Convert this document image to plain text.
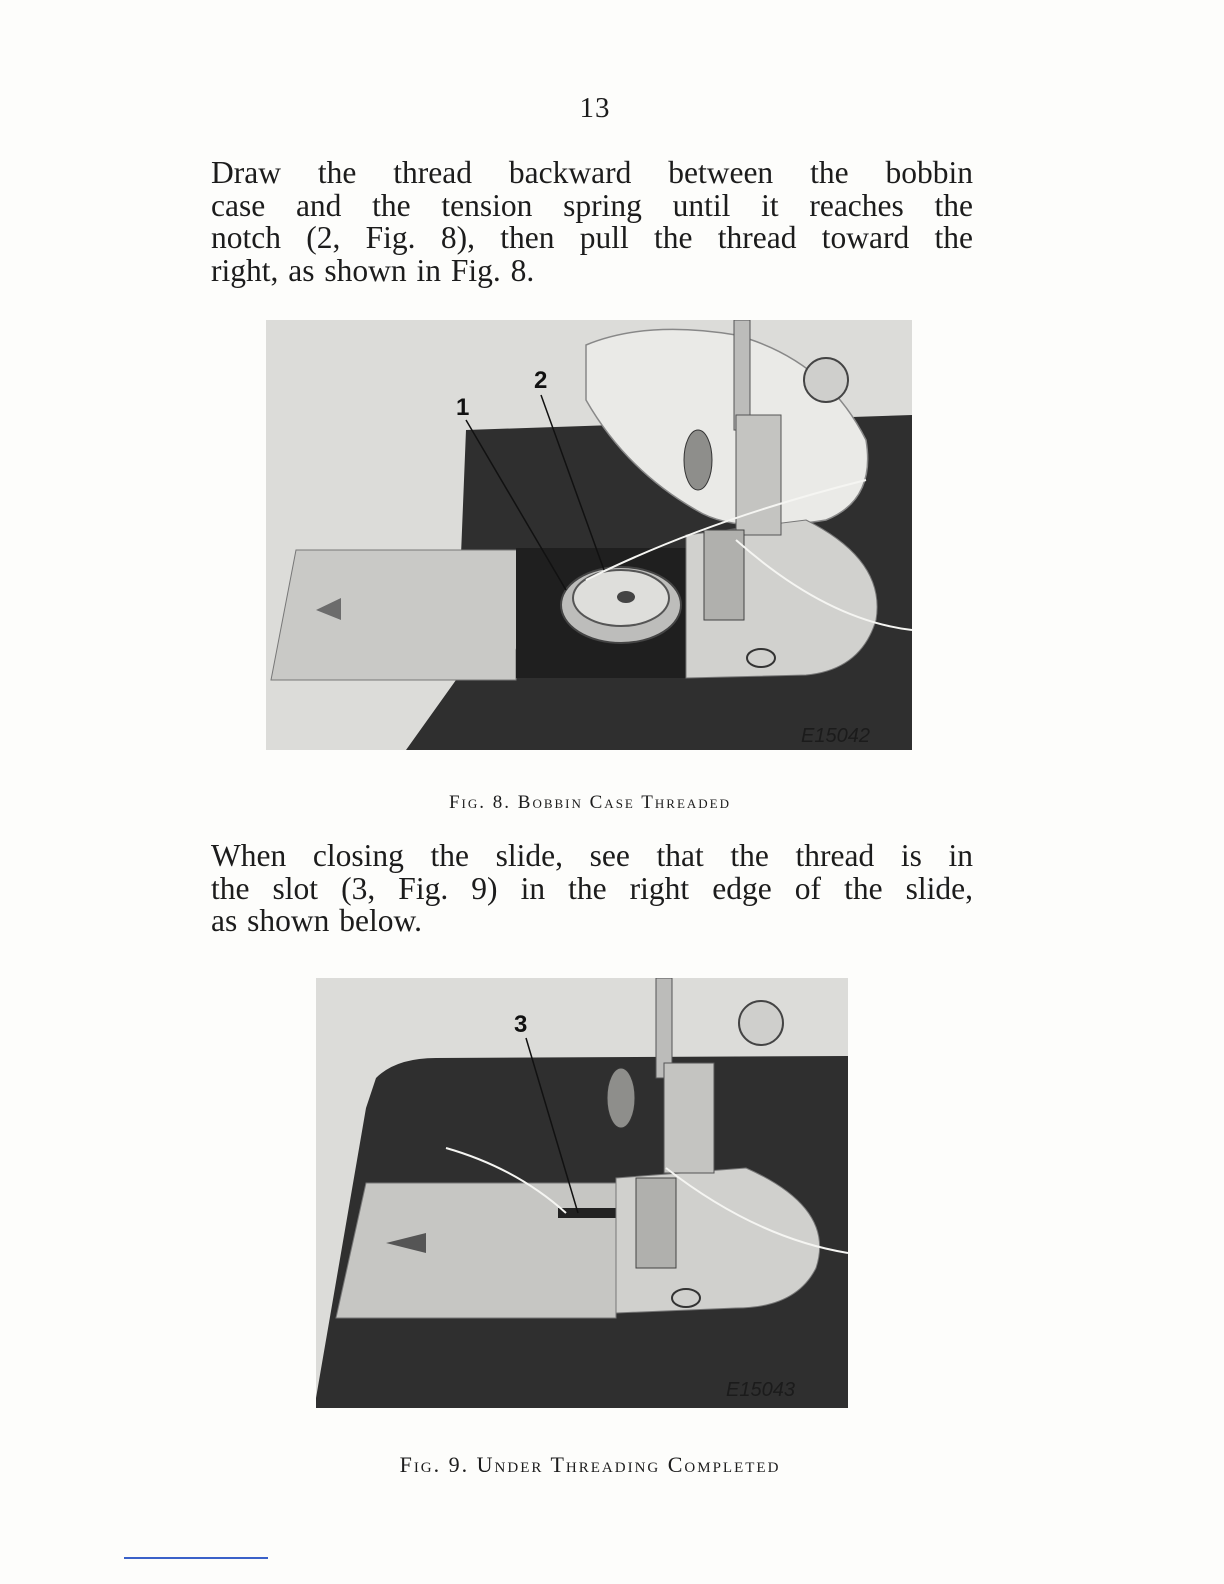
13

Draw the thread backward between the bobbin
case and the tension spring until it reaches the
notch (2, Fig. 8), then pull the thread toward the
right, as shown in Fig. 8.

1
2
E15042
Fig. 8. Bobbin Case Threaded

When closing the slide, see that the thread is in
the slot (3, Fig. 9) in the right edge of the slide,
as shown below.

3
E15043
Fig. 9. Under Threading Completed
